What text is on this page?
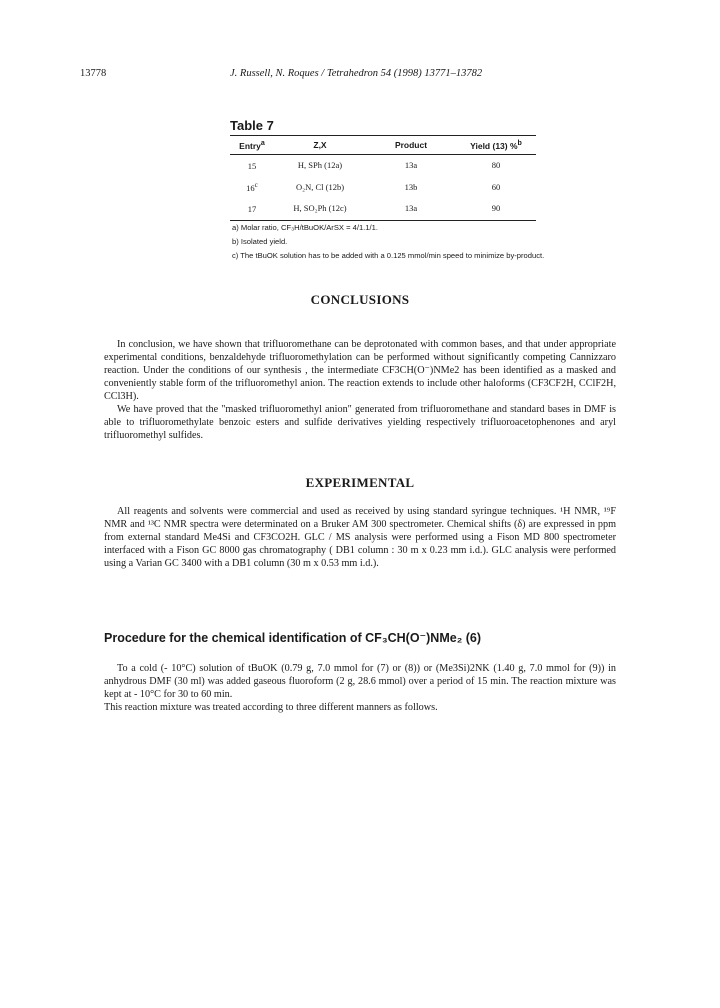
13778	J. Russell, N. Roques / Tetrahedron 54 (1998) 13771–13782
Table 7
Entry$^a$	Z,X	Product	Yield (13) %$^b$
15	H, SPh (12a)	13a	80
16$^c$	O₂N, Cl (12b)	13b	60
17	H, SO₂Ph (12c)	13a	90
a) Molar ratio, CF₃H/tBuOK/ArSX = 4/1.1/1.
b) Isolated yield.
c) The tBuOK solution has to be added with a 0.125 mmol/min speed to minimize by-product.
CONCLUSIONS

In conclusion, we have shown that trifluoromethane can be deprotonated with common bases, and that under appropriate experimental conditions, benzaldehyde trifluoromethylation can be performed without significantly competing Cannizzaro reaction. Under the conditions of our synthesis , the intermediate CF3CH(O⁻)NMe2 has been identified as a masked and conveniently stable form of the trifluoromethyl anion. The reaction extends to include other haloforms (CF3CF2H, CClF2H, CCl3H).

We have proved that the "masked trifluoromethyl anion" generated from trifluoromethane and standard bases in DMF is able to trifluoromethylate benzoic esters and sulfide derivatives yielding respectively trifluoroacetophenones and aryl trifluoromethyl sulfides.

EXPERIMENTAL

All reagents and solvents were commercial and used as received by using standard syringue techniques. ¹H NMR, ¹⁹F NMR and ¹³C NMR spectra were determinated on a Bruker AM 300 spectrometer. Chemical shifts (δ) are expressed in ppm from external standard Me4Si and CF3CO2H. GLC / MS analysis were performed using a Fison MD 800 spectrometer interfaced with a Fison GC 8000 gas chromatography ( DB1 column : 30 m x 0.23 mm i.d.). GLC analysis were performed using a Varian GC 3400 with a DB1 column (30 m x 0.53 mm i.d.).

Procedure for the chemical identification of CF₃CH(O⁻)NMe₂ (6)

To a cold (- 10°C) solution of tBuOK (0.79 g, 7.0 mmol for (7) or (8)) or (Me3Si)2NK (1.40 g, 7.0 mmol for (9)) in anhydrous DMF (30 ml) was added gaseous fluoroform (2 g, 28.6 mmol) over a period of 15 min. The reaction mixture was kept at - 10°C for 30 to 60 min.

This reaction mixture was treated according to three different manners as follows.
